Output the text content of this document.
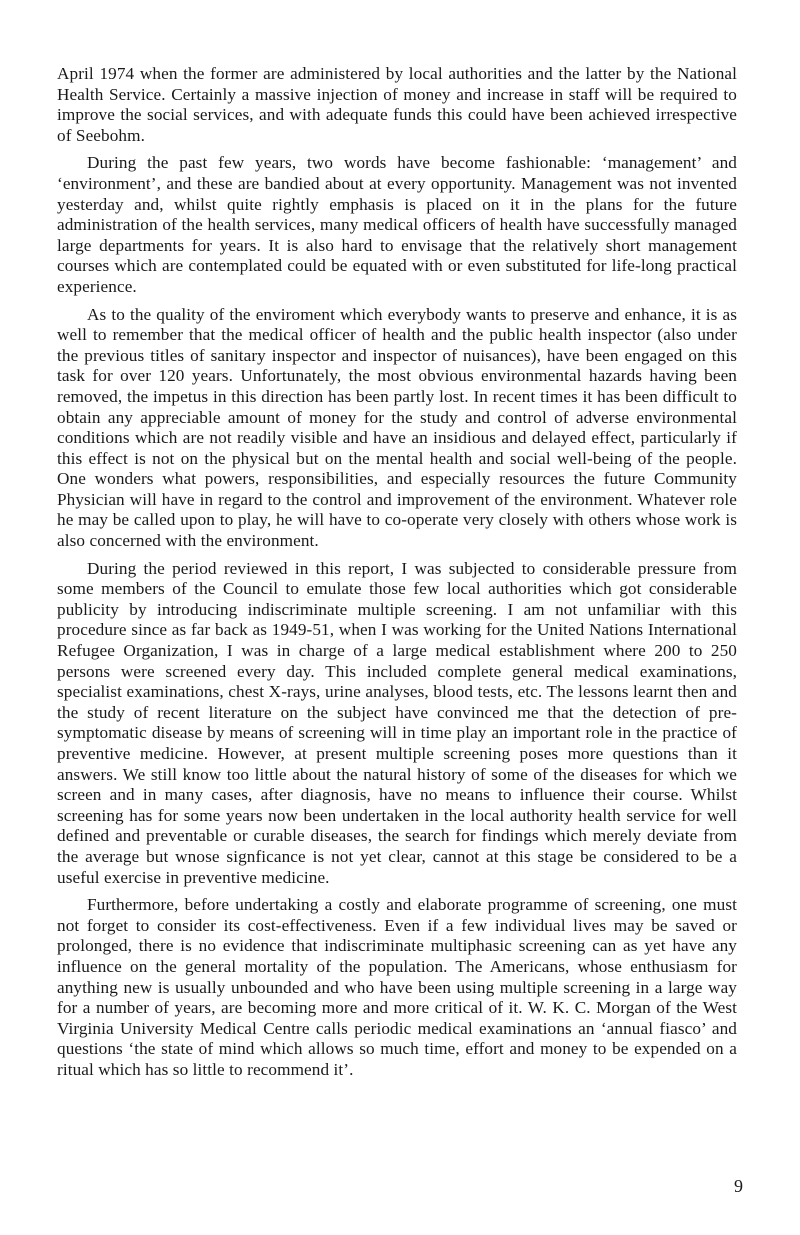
April 1974 when the former are administered by local authorities and the latter by the National Health Service. Certainly a massive injection of money and increase in staff will be required to improve the social services, and with adequate funds this could have been achieved irrespective of Seebohm.

During the past few years, two words have become fashionable: ‘management’ and ‘environment’, and these are bandied about at every opportunity. Management was not invented yesterday and, whilst quite rightly emphasis is placed on it in the plans for the future administration of the health services, many medical officers of health have successfully managed large departments for years. It is also hard to envisage that the relatively short management courses which are contemplated could be equated with or even substituted for life-long practical experience.

As to the quality of the enviroment which everybody wants to preserve and enhance, it is as well to remember that the medical officer of health and the public health inspector (also under the previous titles of sanitary inspector and inspector of nuisances), have been engaged on this task for over 120 years. Unfortunately, the most obvious environmental hazards having been removed, the impetus in this direction has been partly lost. In recent times it has been difficult to obtain any appreciable amount of money for the study and control of adverse environmental conditions which are not readily visible and have an insidious and delayed effect, particularly if this effect is not on the physical but on the mental health and social well-being of the people. One wonders what powers, responsibilities, and especially resources the future Community Physician will have in regard to the control and improvement of the environment. Whatever role he may be called upon to play, he will have to co-operate very closely with others whose work is also concerned with the environment.

During the period reviewed in this report, I was subjected to considerable pressure from some members of the Council to emulate those few local authorities which got considerable publicity by introducing indiscriminate multiple screening. I am not unfamiliar with this procedure since as far back as 1949-51, when I was working for the United Nations International Refugee Organization, I was in charge of a large medical establishment where 200 to 250 persons were screened every day. This included complete general medical examinations, specialist examinations, chest X-rays, urine analyses, blood tests, etc. The lessons learnt then and the study of recent literature on the subject have convinced me that the detection of pre-symptomatic disease by means of screening will in time play an important role in the practice of preventive medicine. However, at present multiple screening poses more questions than it answers. We still know too little about the natural history of some of the diseases for which we screen and in many cases, after diagnosis, have no means to influence their course. Whilst screening has for some years now been undertaken in the local authority health service for well defined and preventable or curable diseases, the search for findings which merely deviate from the average but wnose signficance is not yet clear, cannot at this stage be considered to be a useful exercise in preventive medicine.

Furthermore, before undertaking a costly and elaborate programme of screening, one must not forget to consider its cost-effectiveness. Even if a few individual lives may be saved or prolonged, there is no evidence that indiscriminate multiphasic screening can as yet have any influence on the general mortality of the population. The Americans, whose enthusiasm for anything new is usually unbounded and who have been using multiple screening in a large way for a number of years, are becoming more and more critical of it. W. K. C. Morgan of the West Virginia University Medical Centre calls periodic medical examinations an ‘annual fiasco’ and questions ‘the state of mind which allows so much time, effort and money to be expended on a ritual which has so little to recommend it’.

9
